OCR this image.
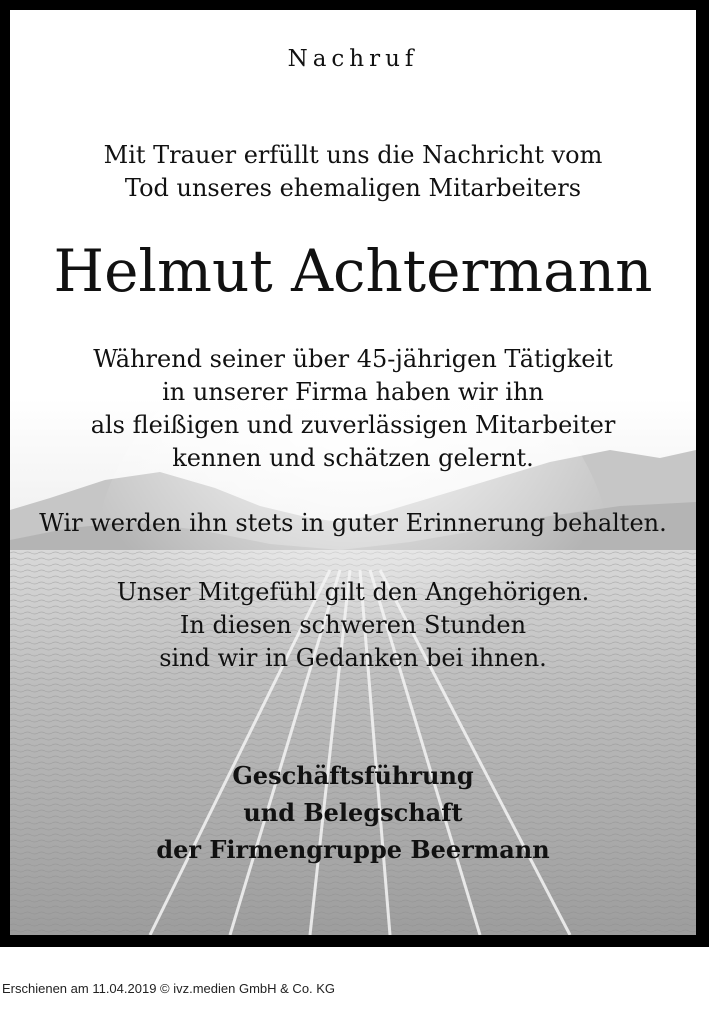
Nachruf
Mit Trauer erfüllt uns die Nachricht vom
Tod unseres ehemaligen Mitarbeiters
Helmut Achtermann
Während seiner über 45-jährigen Tätigkeit
in unserer Firma haben wir ihn
als fleißigen und zuverlässigen Mitarbeiter
kennen und schätzen gelernt.
Wir werden ihn stets in guter Erinnerung behalten.
Unser Mitgefühl gilt den Angehörigen.
In diesen schweren Stunden
sind wir in Gedanken bei ihnen.
Geschäftsführung
und Belegschaft
der Firmengruppe Beermann
Erschienen am 11.04.2019 © ivz.medien GmbH & Co. KG
